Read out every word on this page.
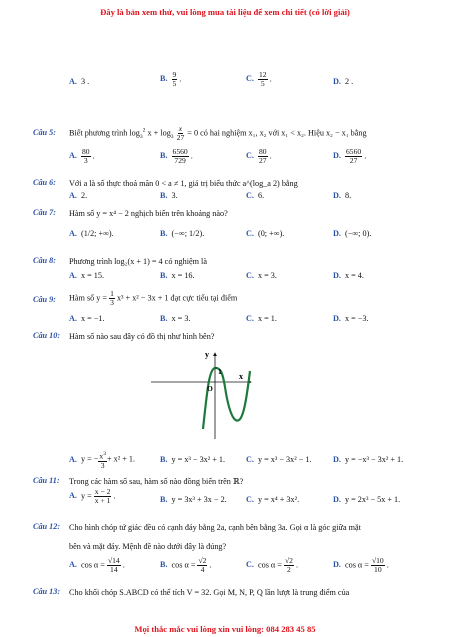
Đây là bản xem thử, vui lòng mua tài liệu để xem chi tiết (có lời giải)
A. 3 .	B. $\frac{9}{5}$ .	C. $\frac{12}{5}$ .	D. 2 .
Câu 5: Biết phương trình $\log_3^2 x + \log_3 \frac{x}{27} = 0$ có hai nghiệm x₁, x₂ với x₁ < x₂. Hiệu x₂ − x₁ bằng
A. $\frac{80}{3}$ .	B. $\frac{6560}{729}$ .	C. $\frac{80}{27}$ .	D. $\frac{6560}{27}$ .
Câu 6: Với a là số thực thoả mãn 0 < a ≠ 1, giá trị biểu thức a^(log_a 2) bằng
A. 2.	B. 3.	C. 6.	D. 8.
Câu 7: Hàm số y = x⁴ − 2 nghịch biến trên khoảng nào?
A. (1/2; +∞).	B. (−∞; 1/2).	C. (0; +∞).	D. (−∞; 0).
Câu 8: Phương trình log₂(x + 1) = 4 có nghiệm là
A. x = 15.	B. x = 16.	C. x = 3.	D. x = 4.
Câu 9: Hàm số $y = \frac{1}{3} x^3 + x^2 - 3x + 1$ đạt cực tiểu tại điểm
A. x = −1.	B. x = 3.	C. x = 1.	D. x = −3.
Câu 10: Hàm số nào sau đây có đồ thị như hình bên?
y
x
O
1
A. y = − $\frac{x^3}{3} + x^2 + 1$.	B. y = x³ − 3x² + 1.	C. y = x³ − 3x² − 1.	D. y = −x³ − 3x² + 1.
Câu 11: Trong các hàm số sau, hàm số nào đồng biến trên ℝ?
A. $y = \frac{x - 2}{x + 1}$ .	B. y = 3x³ + 3x − 2. C. y = x⁴ + 3x².	D. y = 2x³ − 5x + 1.
Câu 12: Cho hình chóp tứ giác đều có cạnh đáy bằng 2a, cạnh bên bằng 3a. Gọi α là góc giữa mặt
bên và mặt đáy. Mệnh đề nào dưới đây là đúng?
A. $\cos \alpha = \frac{√14}{14}$ .	B. $\cos \alpha = \frac{√2}{4}$ .	C. $\cos \alpha = \frac{√2}{2}$ .	D. $\cos \alpha = \frac{√10}{10}$ .
Câu 13: Cho khối chóp S.ABCD có thể tích V = 32. Gọi M, N, P, Q lần lượt là trung điểm của
Mọi thắc mắc vui lòng xin vui lòng: 084 283 45 85
